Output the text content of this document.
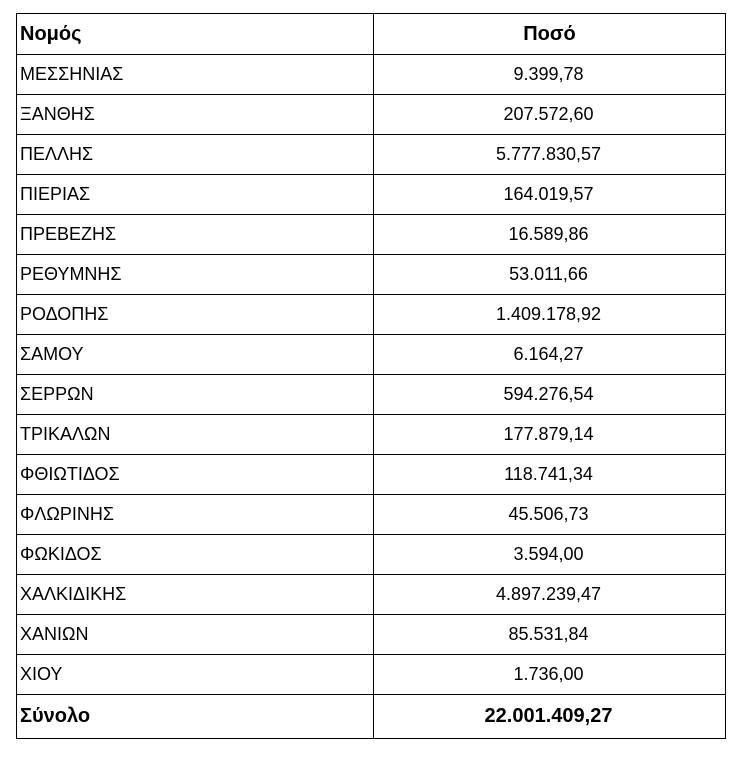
Νομός	Ποσό
ΜΕΣΣΗΝΙΑΣ	9.399,78
ΞΑΝΘΗΣ	207.572,60
ΠΕΛΛΗΣ	5.777.830,57
ΠΙΕΡΙΑΣ	164.019,57
ΠΡΕΒΕΖΗΣ	16.589,86
ΡΕΘΥΜΝΗΣ	53.011,66
ΡΟΔΟΠΗΣ	1.409.178,92
ΣΑΜΟΥ	6.164,27
ΣΕΡΡΩΝ	594.276,54
ΤΡΙΚΑΛΩΝ	177.879,14
ΦΘΙΩΤΙΔΟΣ	118.741,34
ΦΛΩΡΙΝΗΣ	45.506,73
ΦΩΚΙΔΟΣ	3.594,00
ΧΑΛΚΙΔΙΚΗΣ	4.897.239,47
ΧΑΝΙΩΝ	85.531,84
ΧΙΟΥ	1.736,00
Σύνολο	22.001.409,27
